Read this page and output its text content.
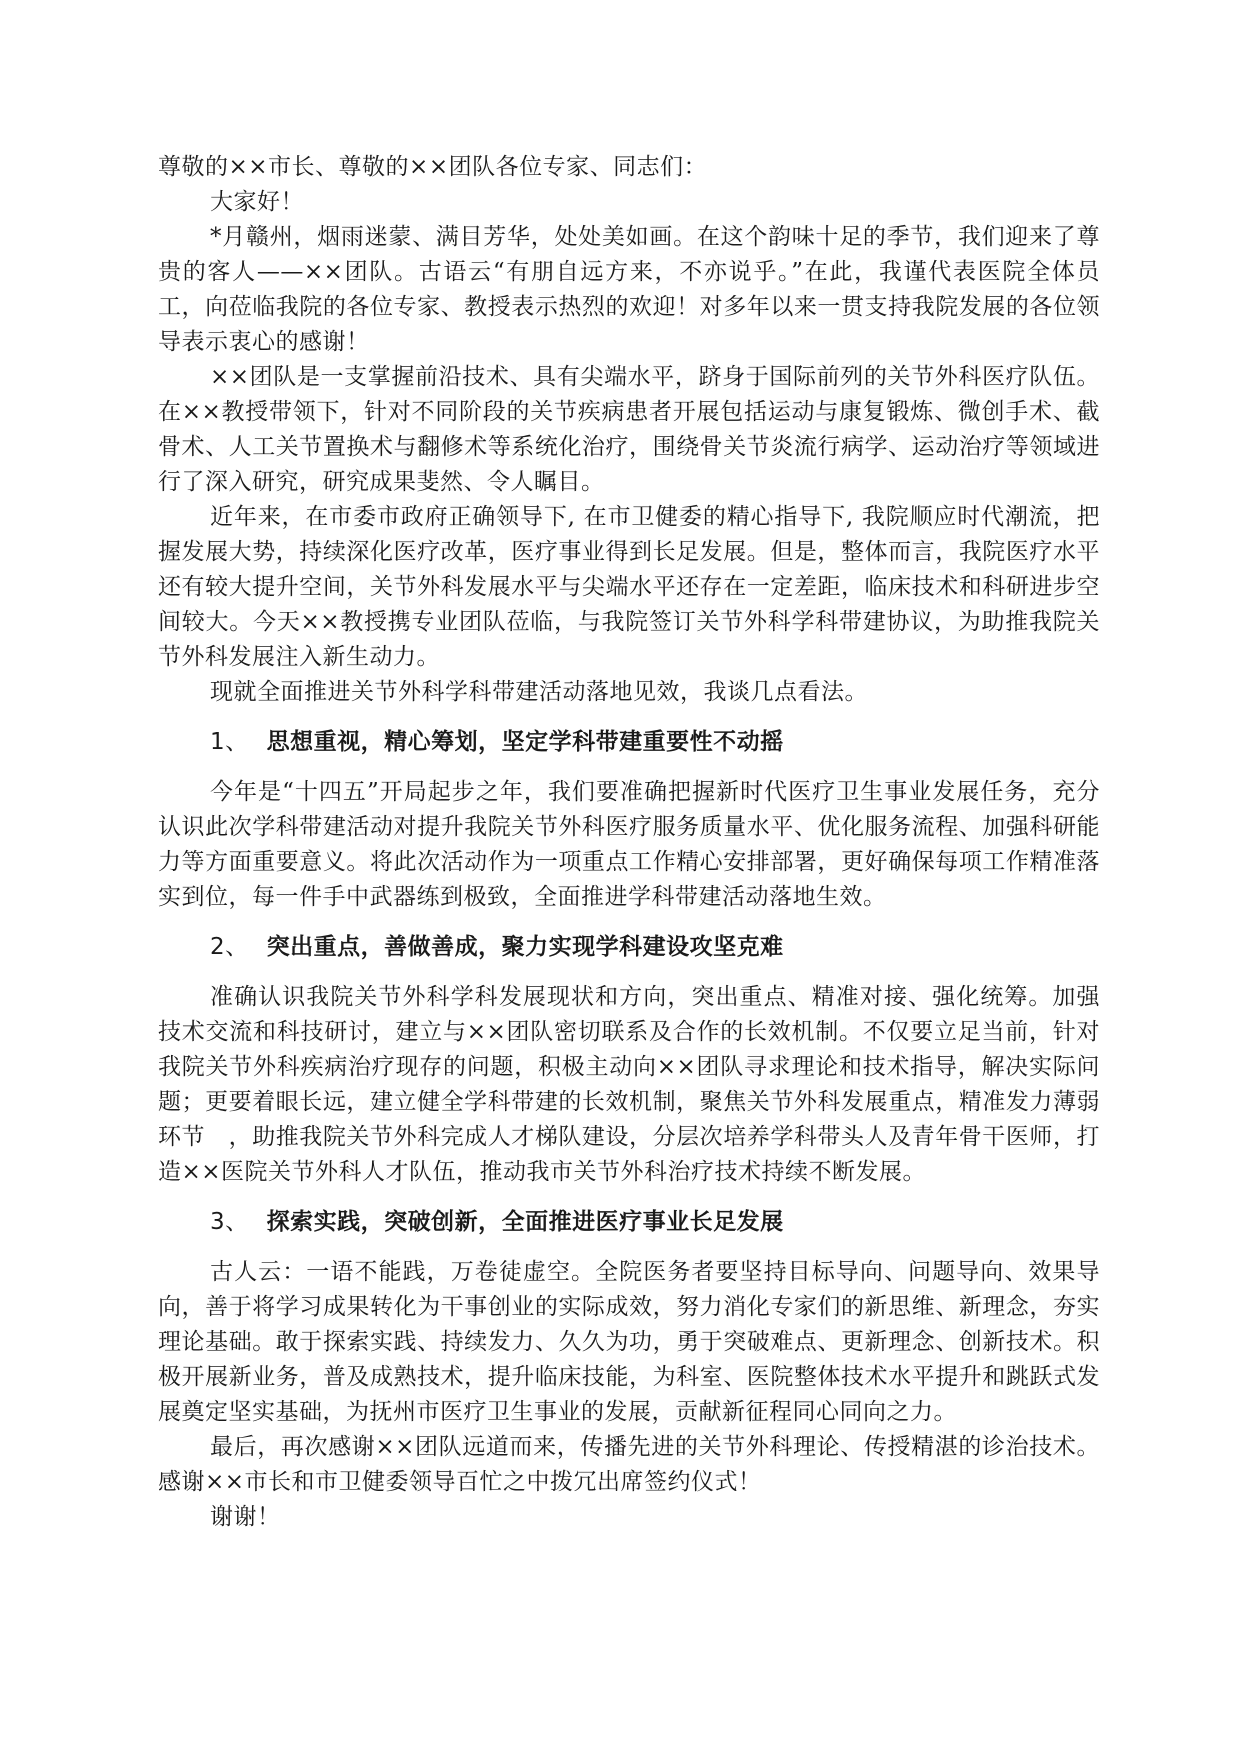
尊敬的××市长、尊敬的××团队各位专家、同志们：

大家好！

*月赣州，烟雨迷蒙、满目芳华，处处美如画。在这个韵味十足的季节，我们迎来了尊贵的客人——××团队。古语云“有朋自远方来，不亦说乎。”在此，我谨代表医院全体员工，向莅临我院的各位专家、教授表示热烈的欢迎！对多年以来一贯支持我院发展的各位领导表示衷心的感谢！

××团队是一支掌握前沿技术、具有尖端水平，跻身于国际前列的关节外科医疗队伍。在××教授带领下，针对不同阶段的关节疾病患者开展包括运动与康复锻炼、微创手术、截骨术、人工关节置换术与翻修术等系统化治疗，围绕骨关节炎流行病学、运动治疗等领域进行了深入研究，研究成果斐然、令人瞩目。

近年来，在市委市政府正确领导下, 在市卫健委的精心指导下, 我院顺应时代潮流，把握发展大势，持续深化医疗改革，医疗事业得到长足发展。但是，整体而言，我院医疗水平还有较大提升空间，关节外科发展水平与尖端水平还存在一定差距，临床技术和科研进步空间较大。今天××教授携专业团队莅临，与我院签订关节外科学科带建协议，为助推我院关节外科发展注入新生动力。

现就全面推进关节外科学科带建活动落地见效，我谈几点看法。

1、 思想重视，精心筹划，坚定学科带建重要性不动摇

今年是“十四五”开局起步之年，我们要准确把握新时代医疗卫生事业发展任务，充分认识此次学科带建活动对提升我院关节外科医疗服务质量水平、优化服务流程、加强科研能力等方面重要意义。将此次活动作为一项重点工作精心安排部署，更好确保每项工作精准落实到位，每一件手中武器练到极致，全面推进学科带建活动落地生效。

2、 突出重点，善做善成，聚力实现学科建设攻坚克难

准确认识我院关节外科学科发展现状和方向，突出重点、精准对接、强化统筹。加强技术交流和科技研讨，建立与××团队密切联系及合作的长效机制。不仅要立足当前，针对我院关节外科疾病治疗现存的问题，积极主动向××团队寻求理论和技术指导，解决实际问题；更要着眼长远，建立健全学科带建的长效机制，聚焦关节外科发展重点，精准发力薄弱环节　，助推我院关节外科完成人才梯队建设，分层次培养学科带头人及青年骨干医师，打造××医院关节外科人才队伍，推动我市关节外科治疗技术持续不断发展。

3、 探索实践，突破创新，全面推进医疗事业长足发展

古人云：一语不能践，万卷徒虚空。全院医务者要坚持目标导向、问题导向、效果导向，善于将学习成果转化为干事创业的实际成效，努力消化专家们的新思维、新理念，夯实理论基础。敢于探索实践、持续发力、久久为功，勇于突破难点、更新理念、创新技术。积极开展新业务，普及成熟技术，提升临床技能，为科室、医院整体技术水平提升和跳跃式发展奠定坚实基础，为抚州市医疗卫生事业的发展，贡献新征程同心同向之力。

最后，再次感谢××团队远道而来，传播先进的关节外科理论、传授精湛的诊治技术。感谢××市长和市卫健委领导百忙之中拨冗出席签约仪式！

谢谢！
